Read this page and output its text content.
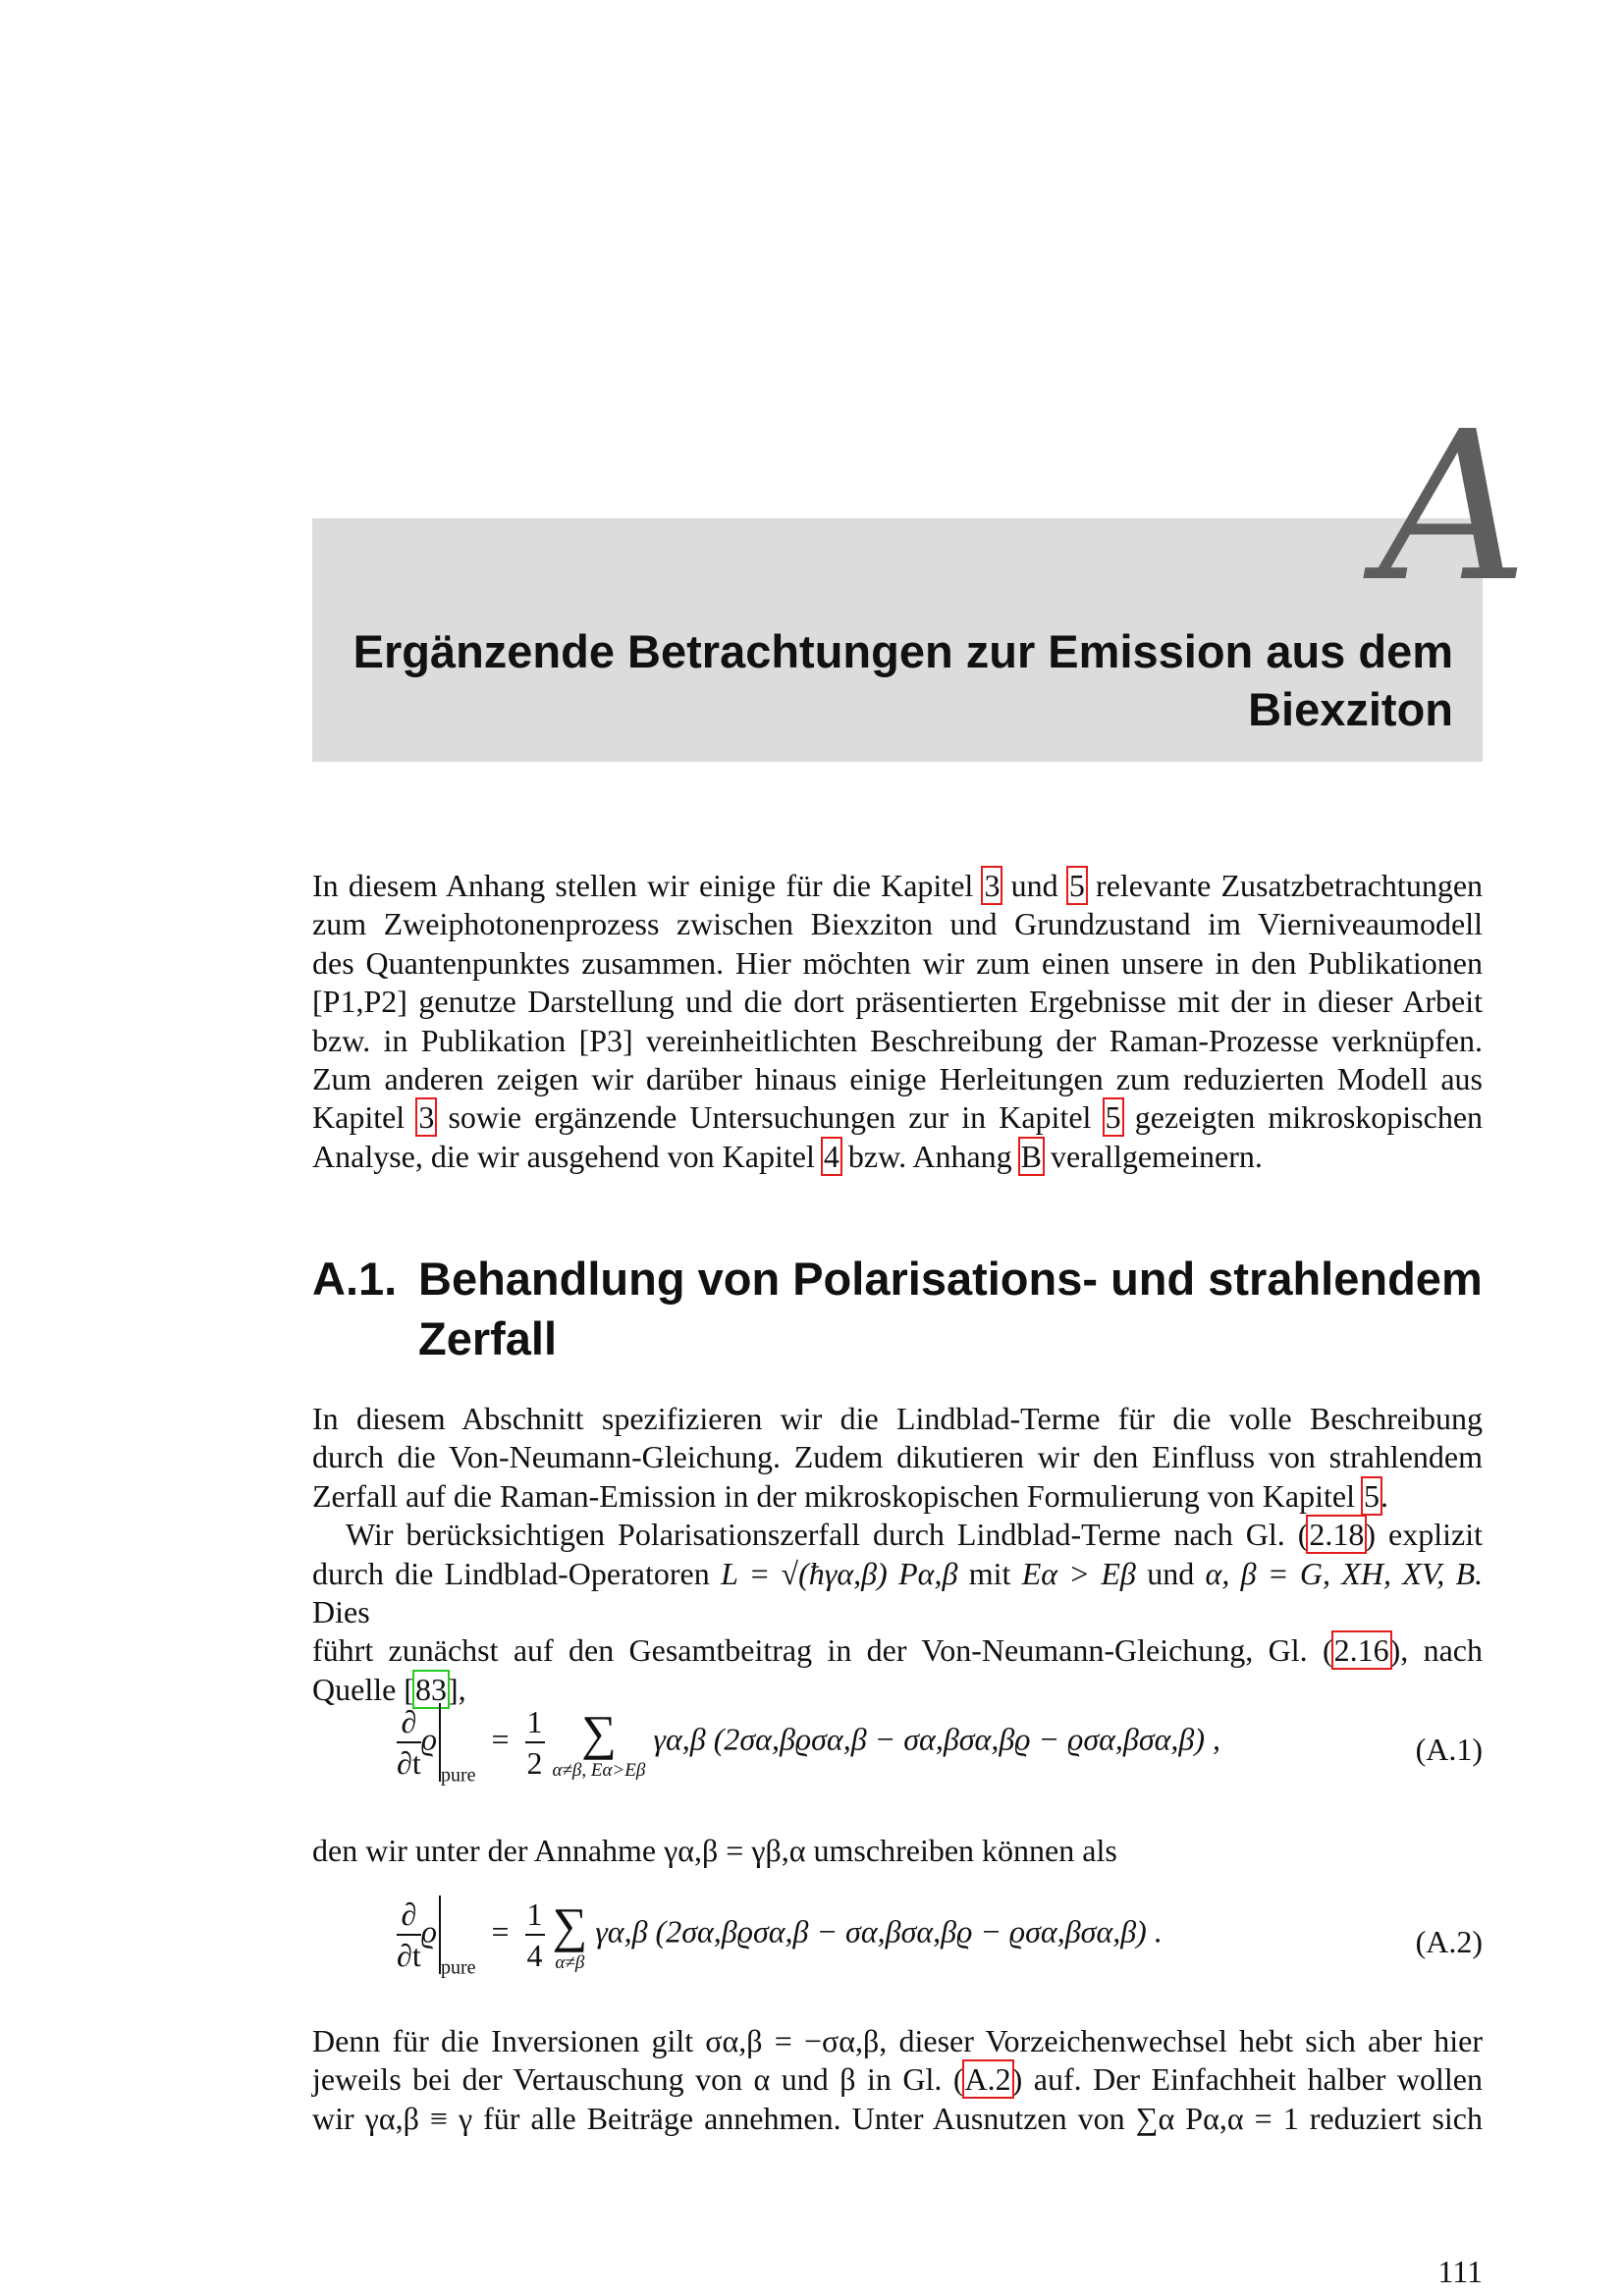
A
Ergänzende Betrachtungen zur Emission aus dem
Biexziton
In diesem Anhang stellen wir einige für die Kapitel 3 und 5 relevante Zusatzbetrachtungen
zum Zweiphotonenprozess zwischen Biexziton und Grundzustand im Vierniveaumodell
des Quantenpunktes zusammen. Hier möchten wir zum einen unsere in den Publikationen
[P1,P2] genutze Darstellung und die dort präsentierten Ergebnisse mit der in dieser Arbeit
bzw. in Publikation [P3] vereinheitlichten Beschreibung der Raman-Prozesse verknüpfen.
Zum anderen zeigen wir darüber hinaus einige Herleitungen zum reduzierten Modell aus
Kapitel 3 sowie ergänzende Untersuchungen zur in Kapitel 5 gezeigten mikroskopischen
Analyse, die wir ausgehend von Kapitel 4 bzw. Anhang B verallgemeinern.
A.1. Behandlung von Polarisations- und strahlendem
Zerfall
In diesem Abschnitt spezifizieren wir die Lindblad-Terme für die volle Beschreibung
durch die Von-Neumann-Gleichung. Zudem dikutieren wir den Einfluss von strahlendem
Zerfall auf die Raman-Emission in der mikroskopischen Formulierung von Kapitel 5.
Wir berücksichtigen Polarisationszerfall durch Lindblad-Terme nach Gl. (2.18) explizit
durch die Lindblad-Operatoren L = √(ħγα,β) Pα,β mit Eα > Eβ und α, β = G, XH, XV, B. Dies
führt zunächst auf den Gesamtbeitrag in der Von-Neumann-Gleichung, Gl. (2.16), nach
Quelle [83],
$\frac{\partial}{\partial t} ϱ_{pure} = \frac{1}{2}$ ∑
α≠β, Eα>Eβ
γα,β (2σα,βϱσα,β − σα,βσα,βϱ − ϱσα,βσα,β) ,	(A.1)
den wir unter der Annahme γα,β = γβ,α umschreiben können als
$\frac{\partial}{\partial t} ϱ_{pure} = \frac{1}{4}$ ∑
α≠β
γα,β (2σα,βϱσα,β − σα,βσα,βϱ − ϱσα,βσα,β) .	(A.2)
Denn für die Inversionen gilt σα,β = −σα,β, dieser Vorzeichenwechsel hebt sich aber hier
jeweils bei der Vertauschung von α und β in Gl. (A.2) auf. Der Einfachheit halber wollen
wir γα,β ≡ γ für alle Beiträge annehmen. Unter Ausnutzen von ∑α Pα,α = 1 reduziert sich
111
